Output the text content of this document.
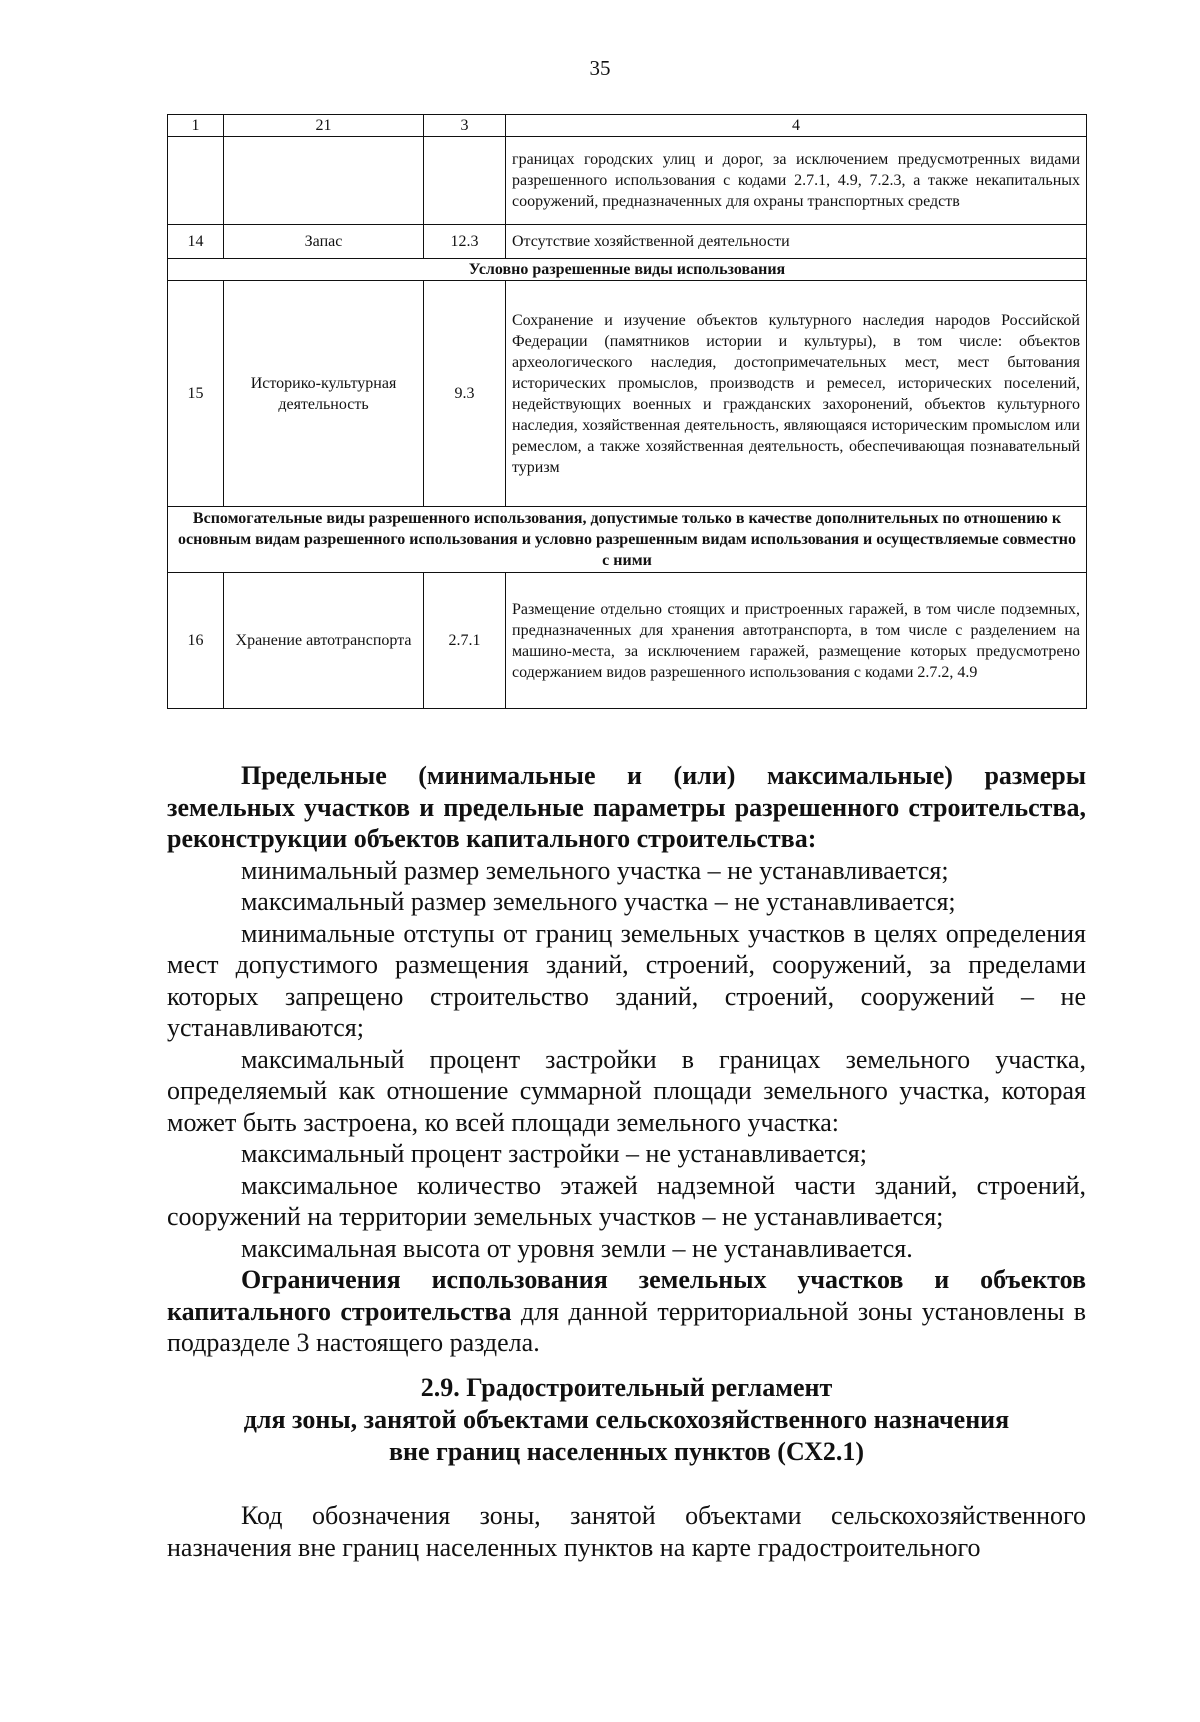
35
1	21	3	4
			границах городских улиц и дорог, за исключением предусмотренных видами разрешенного использования с кодами 2.7.1, 4.9, 7.2.3, а также некапитальных сооружений, предназначенных для охраны транспортных средств
14	Запас	12.3	Отсутствие хозяйственной деятельности
Условно разрешенные виды использования			
15	Историко-культурная деятельность	9.3	Сохранение и изучение объектов культурного наследия народов Российской Федерации (памятников истории и культуры), в том числе: объектов археологического наследия, достопримечательных мест, мест бытования исторических промыслов, производств и ремесел, исторических поселений, недействующих военных и гражданских захоронений, объектов культурного наследия, хозяйственная деятельность, являющаяся историческим промыслом или ремеслом, а также хозяйственная деятельность, обеспечивающая познавательный туризм
Вспомогательные виды разрешенного использования, допустимые только в качестве дополнительных по отношению к основным видам разрешенного использования и условно разрешенным видам использования и осуществляемые совместно с ними			
16	Хранение автотранспорта	2.7.1	Размещение отдельно стоящих и пристроенных гаражей, в том числе подземных, предназначенных для хранения автотранспорта, в том числе с разделением на машино-места, за исключением гаражей, размещение которых предусмотрено содержанием видов разрешенного использования с кодами 2.7.2, 4.9

Предельные (минимальные и (или) максимальные) размеры земельных участков и предельные параметры разрешенного строительства, реконструкции объектов капитального строительства:

минимальный размер земельного участка – не устанавливается;

максимальный размер земельного участка – не устанавливается;

минимальные отступы от границ земельных участков в целях определения мест допустимого размещения зданий, строений, сооружений, за пределами которых запрещено строительство зданий, строений, сооружений – не устанавливаются;

максимальный процент застройки в границах земельного участка, определяемый как отношение суммарной площади земельного участка, которая может быть застроена, ко всей площади земельного участка:

максимальный процент застройки – не устанавливается;

максимальное количество этажей надземной части зданий, строений, сооружений на территории земельных участков – не устанавливается;

максимальная высота от уровня земли – не устанавливается.

Ограничения использования земельных участков и объектов капитального строительства для данной территориальной зоны установлены в подразделе 3 настоящего раздела.

2.9. Градостроительный регламент
для зоны, занятой объектами сельскохозяйственного назначения
вне границ населенных пунктов (СХ2.1)
Код обозначения зоны, занятой объектами сельскохозяйственного назначения вне границ населенных пунктов на карте градостроительного
